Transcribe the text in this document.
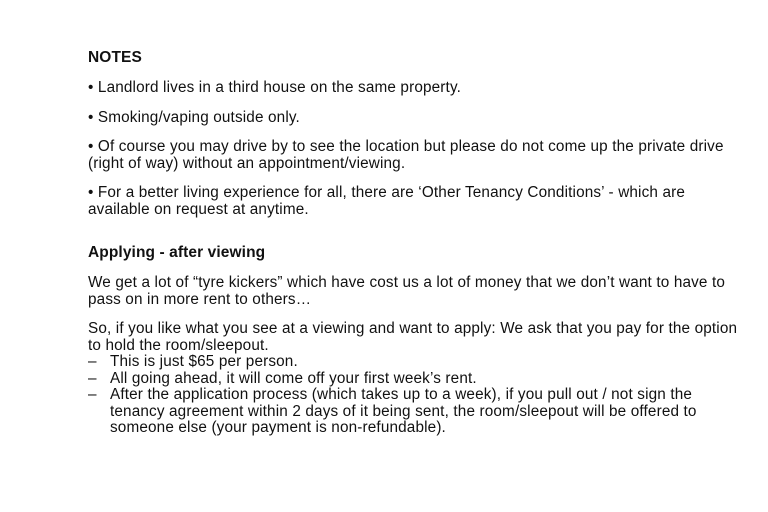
NOTES

• Landlord lives in a third house on the same property.

• Smoking/vaping outside only.

• Of course you may drive by to see the location but please do not come up the private drive (right of way) without an appointment/viewing.

• For a better living experience for all, there are ‘Other Tenancy Conditions’ - which are available on request at anytime.

Applying - after viewing

We get a lot of “tyre kickers” which have cost us a lot of money that we don’t want to have to pass on in more rent to others…

So, if you like what you see at a viewing and want to apply: We ask that you pay for the option to hold the room/sleepout.

– This is just $65 per person.
– All going ahead, it will come off your first week’s rent.
– After the application process (which takes up to a week), if you pull out / not sign the tenancy agreement within 2 days of it being sent, the room/sleepout will be offered to someone else (your payment is non-refundable).
